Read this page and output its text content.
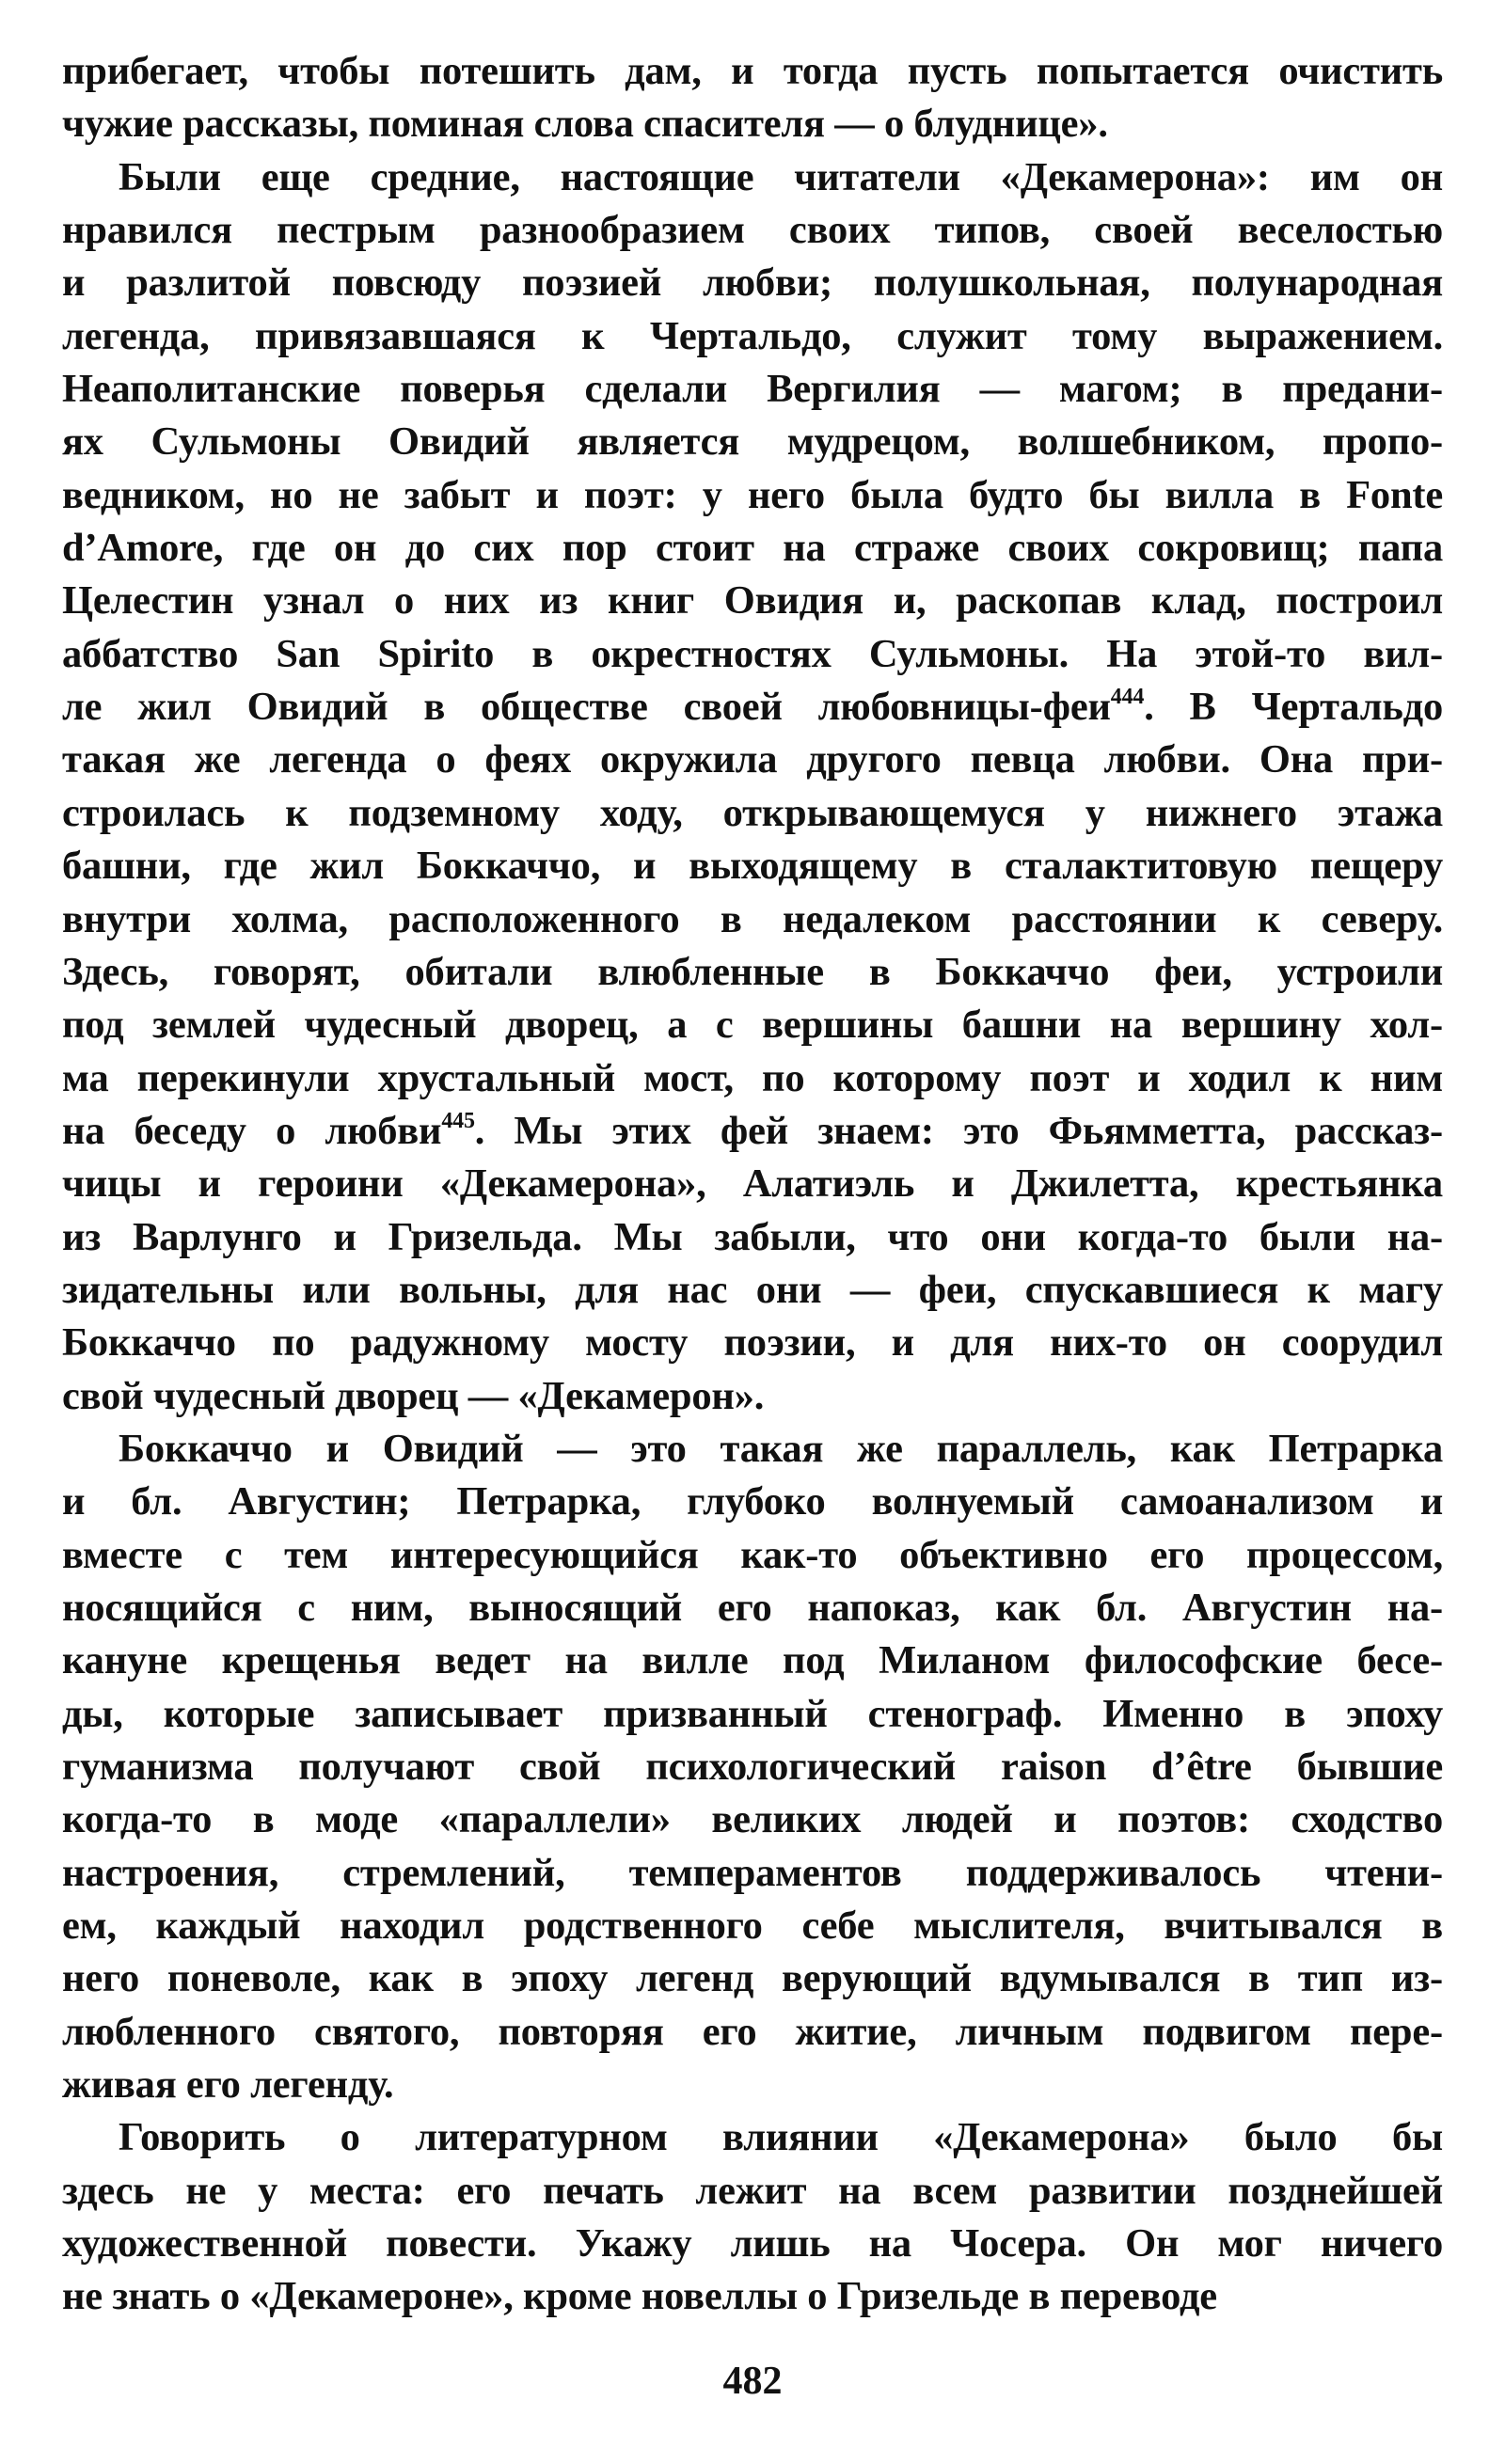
прибегает, чтобы потешить дам, и тогда пусть попытается очистить
чужие рассказы, поминая слова спасителя — о блуднице».
Были еще средние, настоящие читатели «Декамерона»: им он
нравился пестрым разнообразием своих типов, своей веселостью
и разлитой повсюду поэзией любви; полушкольная, полународная
легенда, привязавшаяся к Чертальдо, служит тому выражением.
Неаполитанские поверья сделали Вергилия — магом; в предани-
ях Сульмоны Овидий является мудрецом, волшебником, пропо-
ведником, но не забыт и поэт: у него была будто бы вилла в Fonte
d’Amore, где он до сих пор стоит на страже своих сокровищ; папа
Целестин узнал о них из книг Овидия и, раскопав клад, построил
аббатство San Spirito в окрестностях Сульмоны. На этой-то вил-
ле жил Овидий в обществе своей любовницы-феи$^{444}$. В Чертальдо
такая же легенда о феях окружила другого певца любви. Она при-
строилась к подземному ходу, открывающемуся у нижнего этажа
башни, где жил Боккаччо, и выходящему в сталактитовую пещеру
внутри холма, расположенного в недалеком расстоянии к северу.
Здесь, говорят, обитали влюбленные в Боккаччо феи, устроили
под землей чудесный дворец, а с вершины башни на вершину хол-
ма перекинули хрустальный мост, по которому поэт и ходил к ним
на беседу о любви$^{445}$. Мы этих фей знаем: это Фьямметта, рассказ-
чицы и героини «Декамерона», Алатиэль и Джилетта, крестьянка
из Варлунго и Гризельда. Мы забыли, что они когда-то были на-
зидательны или вольны, для нас они — феи, спускавшиеся к магу
Боккаччо по радужному мосту поэзии, и для них-то он соорудил
свой чудесный дворец — «Декамерон».
Боккаччо и Овидий — это такая же параллель, как Петрарка
и бл. Августин; Петрарка, глубоко волнуемый самоанализом и
вместе с тем интересующийся как-то объективно его процессом,
носящийся с ним, выносящий его напоказ, как бл. Августин на-
кануне крещенья ведет на вилле под Миланом философские бесе-
ды, которые записывает призванный стенограф. Именно в эпоху
гуманизма получают свой психологический raison d’être бывшие
когда-то в моде «параллели» великих людей и поэтов: сходство
настроения, стремлений, темпераментов поддерживалось чтени-
ем, каждый находил родственного себе мыслителя, вчитывался в
него поневоле, как в эпоху легенд верующий вдумывался в тип из-
любленного святого, повторяя его житие, личным подвигом пере-
живая его легенду.
Говорить о литературном влиянии «Декамерона» было бы
здесь не у места: его печать лежит на всем развитии позднейшей
художественной повести. Укажу лишь на Чосера. Он мог ничего
не знать о «Декамероне», кроме новеллы о Гризельде в переводе
482
